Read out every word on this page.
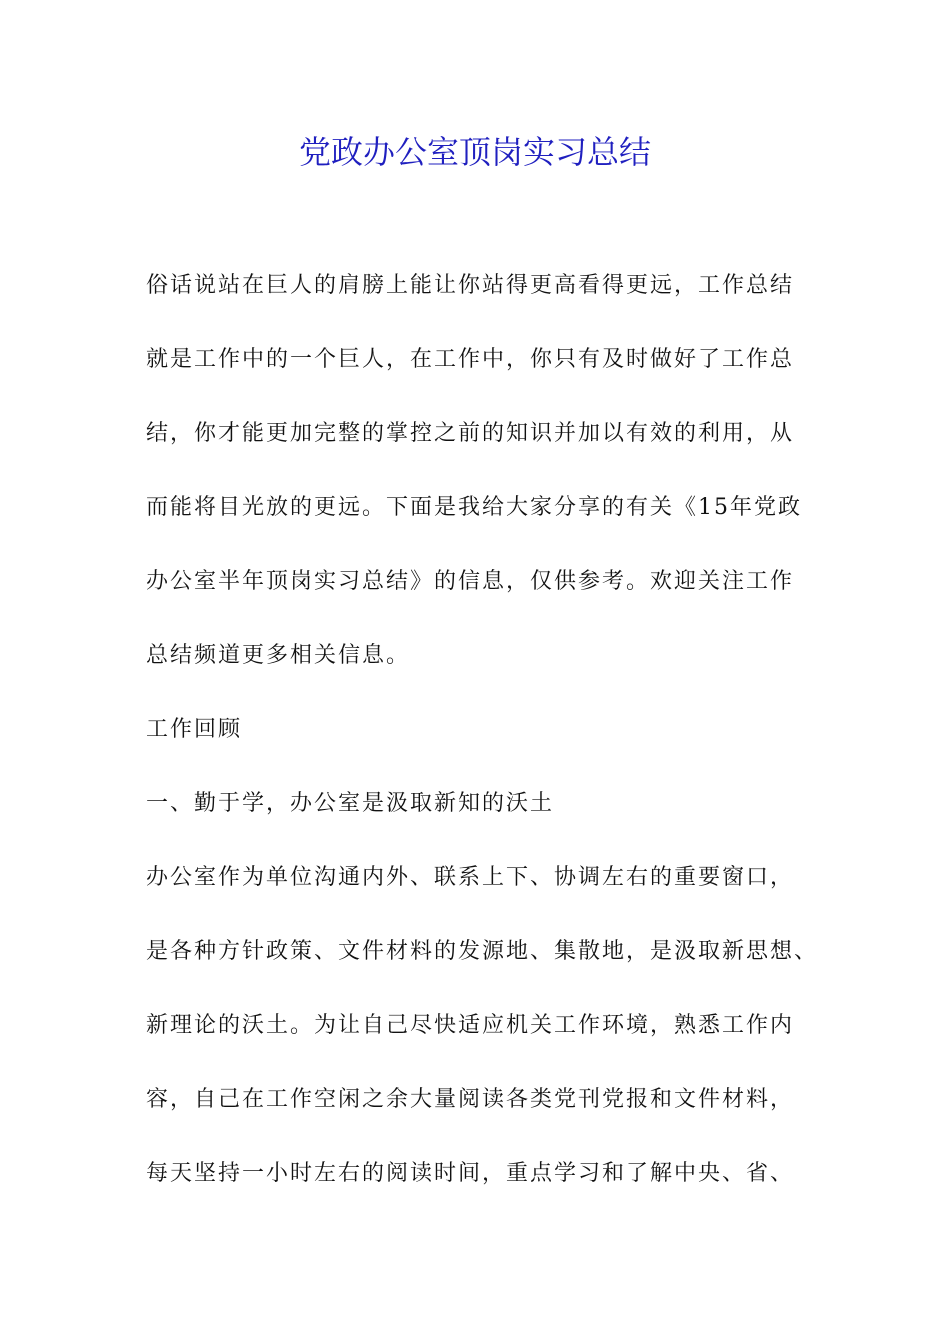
党政办公室顶岗实习总结

俗话说站在巨人的肩膀上能让你站得更高看得更远，工作总结

就是工作中的一个巨人，在工作中，你只有及时做好了工作总

结，你才能更加完整的掌控之前的知识并加以有效的利用，从

而能将目光放的更远。下面是我给大家分享的有关《15年党政

办公室半年顶岗实习总结》的信息，仅供参考。欢迎关注工作

总结频道更多相关信息。

工作回顾

一、勤于学，办公室是汲取新知的沃土

办公室作为单位沟通内外、联系上下、协调左右的重要窗口，

是各种方针政策、文件材料的发源地、集散地，是汲取新思想、

新理论的沃土。为让自己尽快适应机关工作环境，熟悉工作内

容，自己在工作空闲之余大量阅读各类党刊党报和文件材料，

每天坚持一小时左右的阅读时间，重点学习和了解中央、省、
